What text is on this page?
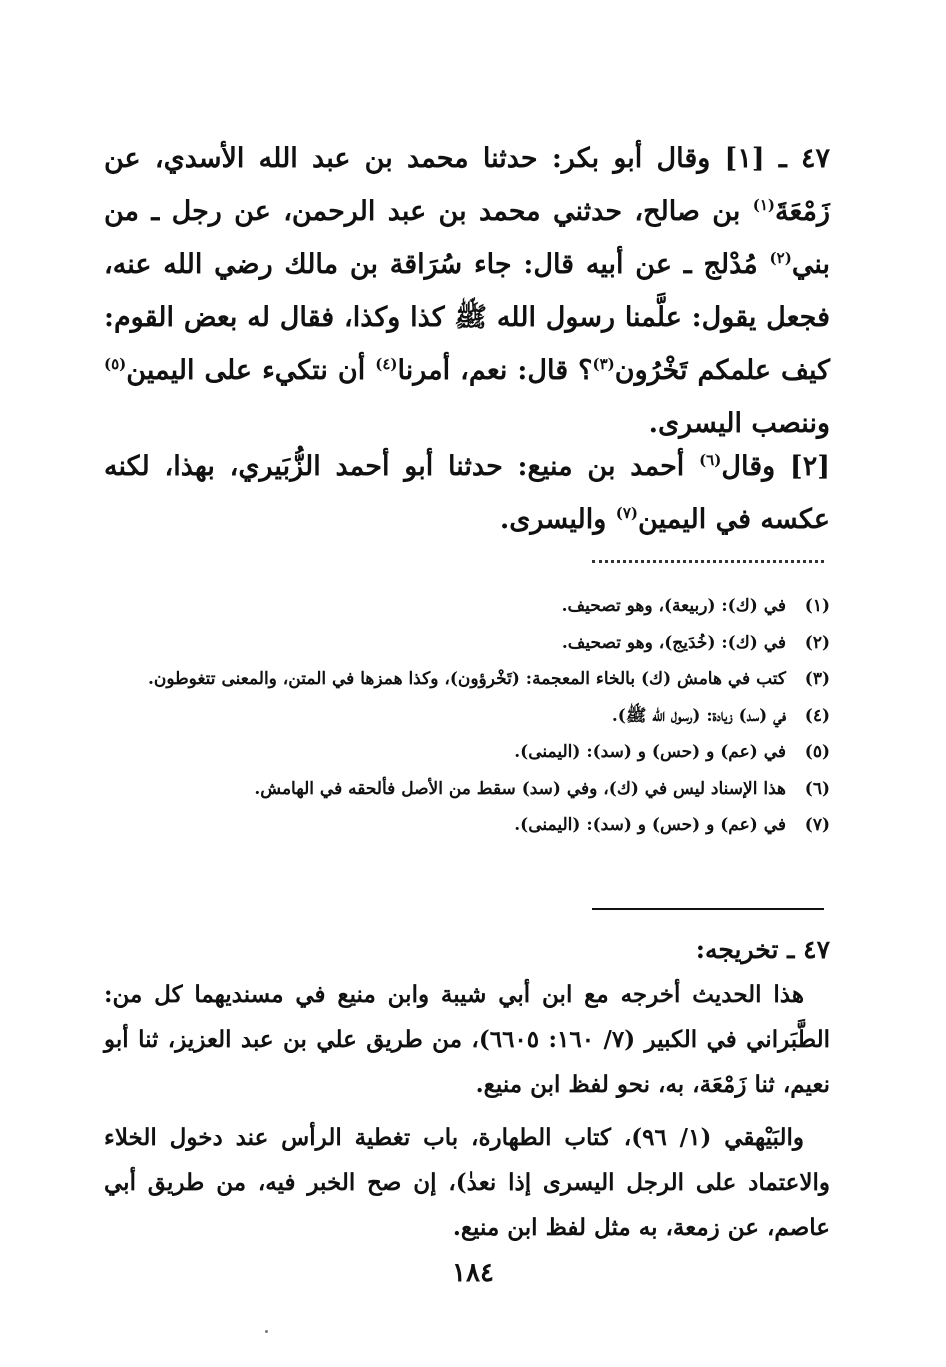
٤٧ ـ [١] وقال أبو بكر: حدثنا محمد بن عبد الله الأسدي، عن زَمْعَةَ$^{(١)}$ بن صالح، حدثني محمد بن عبد الرحمن، عن رجل ـ من بني$^{(٢)}$ مُدْلج ـ عن أبيه قال: جاء سُرَاقة بن مالك رضي الله عنه، فجعل يقول: علَّمنا رسول الله ﷺ كذا وكذا، فقال له بعض القوم: كيف علمكم تَخْرُون$^{(٣)}$؟ قال: نعم، أمرنا$^{(٤)}$ أن نتكيء على اليمين$^{(٥)}$ وننصب اليسرى.

[٢] وقال$^{(٦)}$ أحمد بن منيع: حدثنا أبو أحمد الزُّبَيري، بهذا، لكنه عكسه في اليمين$^{(٧)}$ واليسرى.

(١)
في (ك): (ربيعة)، وهو تصحيف.
(٢)
في (ك): (خُدَيج)، وهو تصحيف.
(٣)
كتب في هامش (ك) بالخاء المعجمة: (تَخْرؤون)، وكذا همزها في المتن، والمعنى تتغوطون.
(٤)
في (سد) زيادة: (رسول الله ﷺ).
(٥)
في (عم) و (حس) و (سد): (اليمنى).
(٦)
هذا الإسناد ليس في (ك)، وفي (سد) سقط من الأصل فألحقه في الهامش.
(٧)
في (عم) و (حس) و (سد): (اليمنى).
٤٧ ـ تخريجه:

هذا الحديث أخرجه مع ابن أبي شيبة وابن منيع في مسنديهما كل من: الطَّبَراني في الكبير (٧/ ١٦٠: ٦٦٠٥)، من طريق علي بن عبد العزيز، ثنا أبو نعيم، ثنا زَمْعَة، به، نحو لفظ ابن منيع.

والبَيْهقي (١/ ٩٦)، كتاب الطهارة، باب تغطية الرأس عند دخول الخلاء والاعتماد على الرجل اليسرى إذا نعدٰ)، إن صح الخبر فيه، من طريق أبي عاصم، عن زمعة، به مثل لفظ ابن منيع.

١٨٤
